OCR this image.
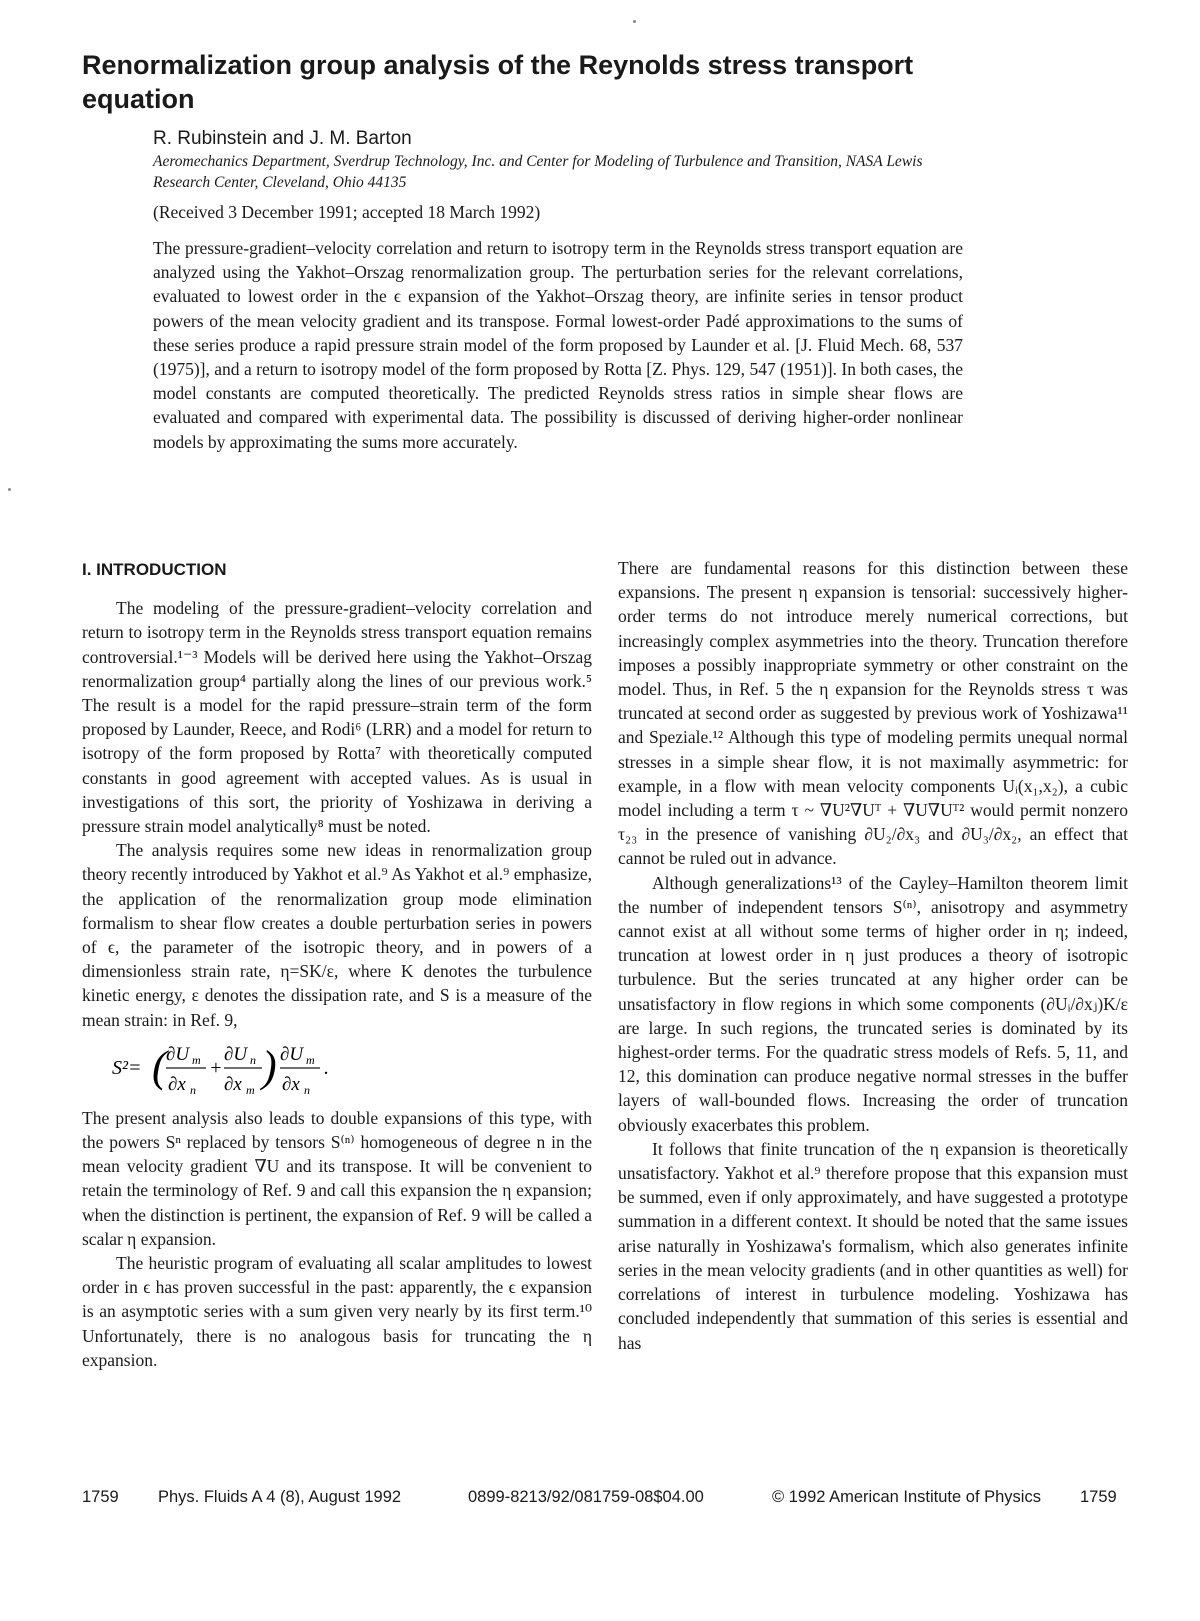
Renormalization group analysis of the Reynolds stress transport equation
R. Rubinstein and J. M. Barton
Aeromechanics Department, Sverdrup Technology, Inc. and Center for Modeling of Turbulence and Transition, NASA Lewis Research Center, Cleveland, Ohio 44135
(Received 3 December 1991; accepted 18 March 1992)

The pressure-gradient–velocity correlation and return to isotropy term in the Reynolds stress transport equation are analyzed using the Yakhot–Orszag renormalization group. The perturbation series for the relevant correlations, evaluated to lowest order in the ϵ expansion of the Yakhot–Orszag theory, are infinite series in tensor product powers of the mean velocity gradient and its transpose. Formal lowest-order Padé approximations to the sums of these series produce a rapid pressure strain model of the form proposed by Launder et al. [J. Fluid Mech. 68, 537 (1975)], and a return to isotropy model of the form proposed by Rotta [Z. Phys. 129, 547 (1951)]. In both cases, the model constants are computed theoretically. The predicted Reynolds stress ratios in simple shear flows are evaluated and compared with experimental data. The possibility is discussed of deriving higher-order nonlinear models by approximating the sums more accurately.

I. INTRODUCTION

The modeling of the pressure-gradient–velocity correlation and return to isotropy term in the Reynolds stress transport equation remains controversial.¹⁻³ Models will be derived here using the Yakhot–Orszag renormalization group⁴ partially along the lines of our previous work.⁵ The result is a model for the rapid pressure–strain term of the form proposed by Launder, Reece, and Rodi⁶ (LRR) and a model for return to isotropy of the form proposed by Rotta⁷ with theoretically computed constants in good agreement with accepted values. As is usual in investigations of this sort, the priority of Yoshizawa in deriving a pressure strain model analytically⁸ must be noted.

The analysis requires some new ideas in renormalization group theory recently introduced by Yakhot et al.⁹ As Yakhot et al.⁹ emphasize, the application of the renormalization group mode elimination formalism to shear flow creates a double perturbation series in powers of ϵ, the parameter of the isotropic theory, and in powers of a dimensionless strain rate, η=SK/ε, where K denotes the turbulence kinetic energy, ε denotes the dissipation rate, and S is a measure of the mean strain: in Ref. 9,

S²= ( ∂U m
∂x n
+
∂U n
∂x m ) ∂U m
∂x n
.

The present analysis also leads to double expansions of this type, with the powers Sⁿ replaced by tensors S⁽ⁿ⁾ homogeneous of degree n in the mean velocity gradient ∇U and its transpose. It will be convenient to retain the terminology of Ref. 9 and call this expansion the η expansion; when the distinction is pertinent, the expansion of Ref. 9 will be called a scalar η expansion.

The heuristic program of evaluating all scalar amplitudes to lowest order in ϵ has proven successful in the past: apparently, the ϵ expansion is an asymptotic series with a sum given very nearly by its first term.¹⁰ Unfortunately, there is no analogous basis for truncating the η expansion.

There are fundamental reasons for this distinction between these expansions. The present η expansion is tensorial: successively higher-order terms do not introduce merely numerical corrections, but increasingly complex asymmetries into the theory. Truncation therefore imposes a possibly inappropriate symmetry or other constraint on the model. Thus, in Ref. 5 the η expansion for the Reynolds stress τ was truncated at second order as suggested by previous work of Yoshizawa¹¹ and Speziale.¹² Although this type of modeling permits unequal normal stresses in a simple shear flow, it is not maximally asymmetric: for example, in a flow with mean velocity components Uᵢ(x₁,x₂), a cubic model including a term τ ~ ∇U²∇Uᵀ + ∇U∇Uᵀ² would permit nonzero τ₂₃ in the presence of vanishing ∂U₂/∂x₃ and ∂U₃/∂x₂, an effect that cannot be ruled out in advance.

Although generalizations¹³ of the Cayley–Hamilton theorem limit the number of independent tensors S⁽ⁿ⁾, anisotropy and asymmetry cannot exist at all without some terms of higher order in η; indeed, truncation at lowest order in η just produces a theory of isotropic turbulence. But the series truncated at any higher order can be unsatisfactory in flow regions in which some components (∂Uᵢ/∂xⱼ)K/ε are large. In such regions, the truncated series is dominated by its highest-order terms. For the quadratic stress models of Refs. 5, 11, and 12, this domination can produce negative normal stresses in the buffer layers of wall-bounded flows. Increasing the order of truncation obviously exacerbates this problem.

It follows that finite truncation of the η expansion is theoretically unsatisfactory. Yakhot et al.⁹ therefore propose that this expansion must be summed, even if only approximately, and have suggested a prototype summation in a different context. It should be noted that the same issues arise naturally in Yoshizawa's formalism, which also generates infinite series in the mean velocity gradients (and in other quantities as well) for correlations of interest in turbulence modeling. Yoshizawa has concluded independently that summation of this series is essential and has

1759 Phys. Fluids A 4 (8), August 1992	0899-8213/92/081759-08$04.00	© 1992 American Institute of Physics 1759
